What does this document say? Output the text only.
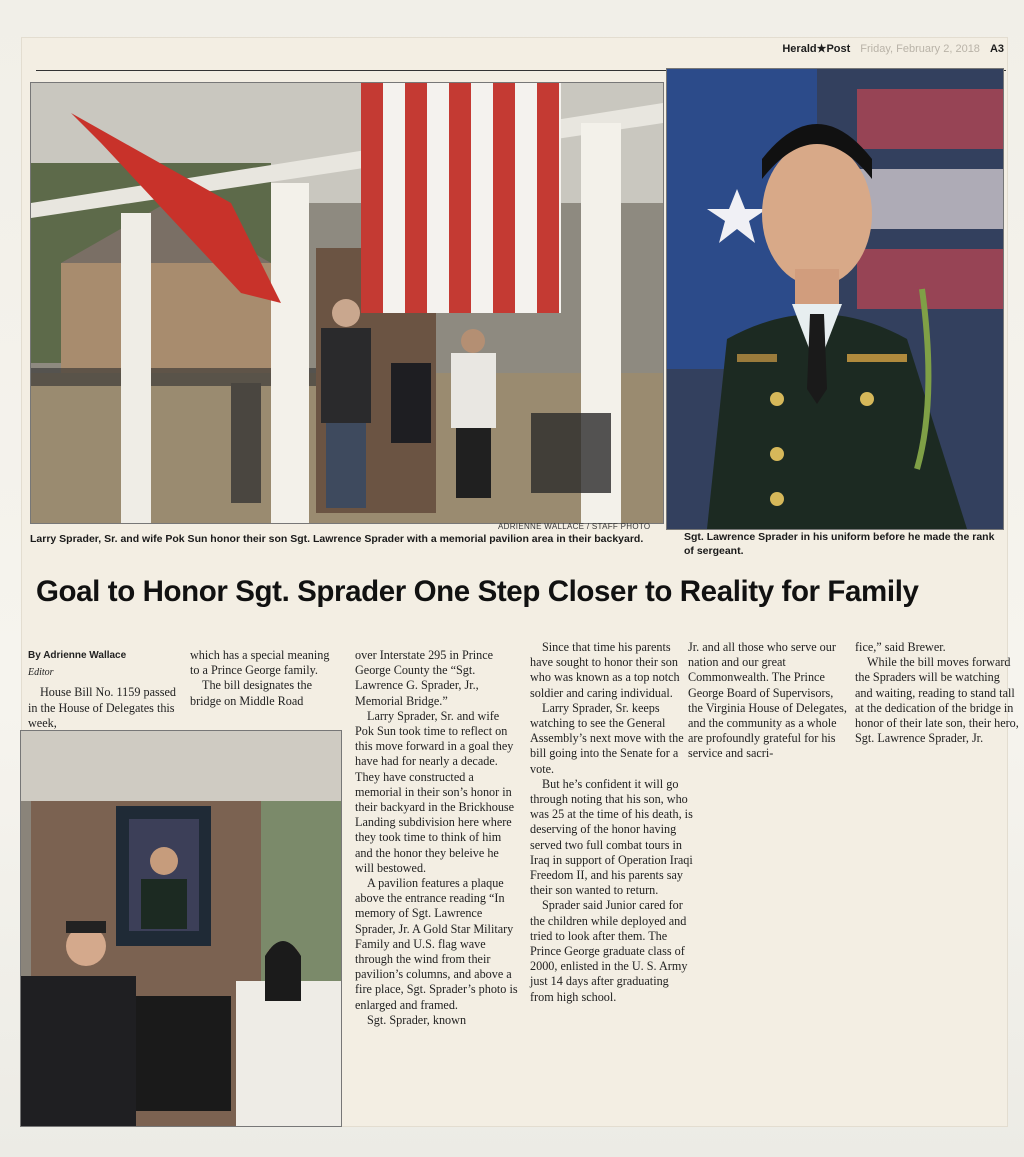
Herald★Post Friday, February 2, 2018 A3
ADRIENNE WALLACE / STAFF PHOTO
Larry Sprader, Sr. and wife Pok Sun honor their son Sgt. Lawrence Sprader with a memorial pavilion area in their backyard.	Sgt. Lawrence Sprader in his uniform before he made the rank of sergeant.
Goal to Honor Sgt. Sprader One Step Closer to Reality for Family
By Adrienne Wallace
Editor

House Bill No. 1159 passed in the House of Delegates this week,

which has a special meaning to a Prince George family.

The bill designates the bridge on Middle Road

over Interstate 295 in Prince George County the “Sgt. Lawrence G. Sprader, Jr., Memorial Bridge.”

Larry Sprader, Sr. and wife Pok Sun took time to reflect on this move forward in a goal they have had for nearly a decade. They have constructed a memorial in their son’s honor in their backyard in the Brickhouse Landing subdivision here where they took time to think of him and the honor they beleive he will bestowed.

A pavilion features a plaque above the entrance reading “In memory of Sgt. Lawrence Sprader, Jr. A Gold Star Military Family and U.S. flag wave through the wind from their pavilion’s columns, and above a fire place, Sgt. Sprader’s photo is enlarged and framed.

Sgt. Sprader, known

Since that time his parents have sought to honor their son who was known as a top notch soldier and caring individual.

Larry Sprader, Sr. keeps watching to see the General Assembly’s next move with the bill going into the Senate for a vote.

But he’s confident it will go through noting that his son, who was 25 at the time of his death, is deserving of the honor having served two full combat tours in Iraq in support of Operation Iraqi Freedom II, and his parents say their son wanted to return.

Sprader said Junior cared for the children while deployed and tried to look after them. The Prince George graduate class of 2000, enlisted in the U. S. Army just 14 days after graduating from high school.

Jr. and all those who serve our nation and our great Commonwealth. The Prince George Board of Supervisors, the Virginia House of Delegates, and the community as a whole are profoundly grateful for his service and sacri-

fice,” said Brewer.

While the bill moves forward the Spraders will be watching and waiting, reading to stand tall at the dedication of the bridge in honor of their late son, their hero, Sgt. Lawrence Sprader, Jr.
